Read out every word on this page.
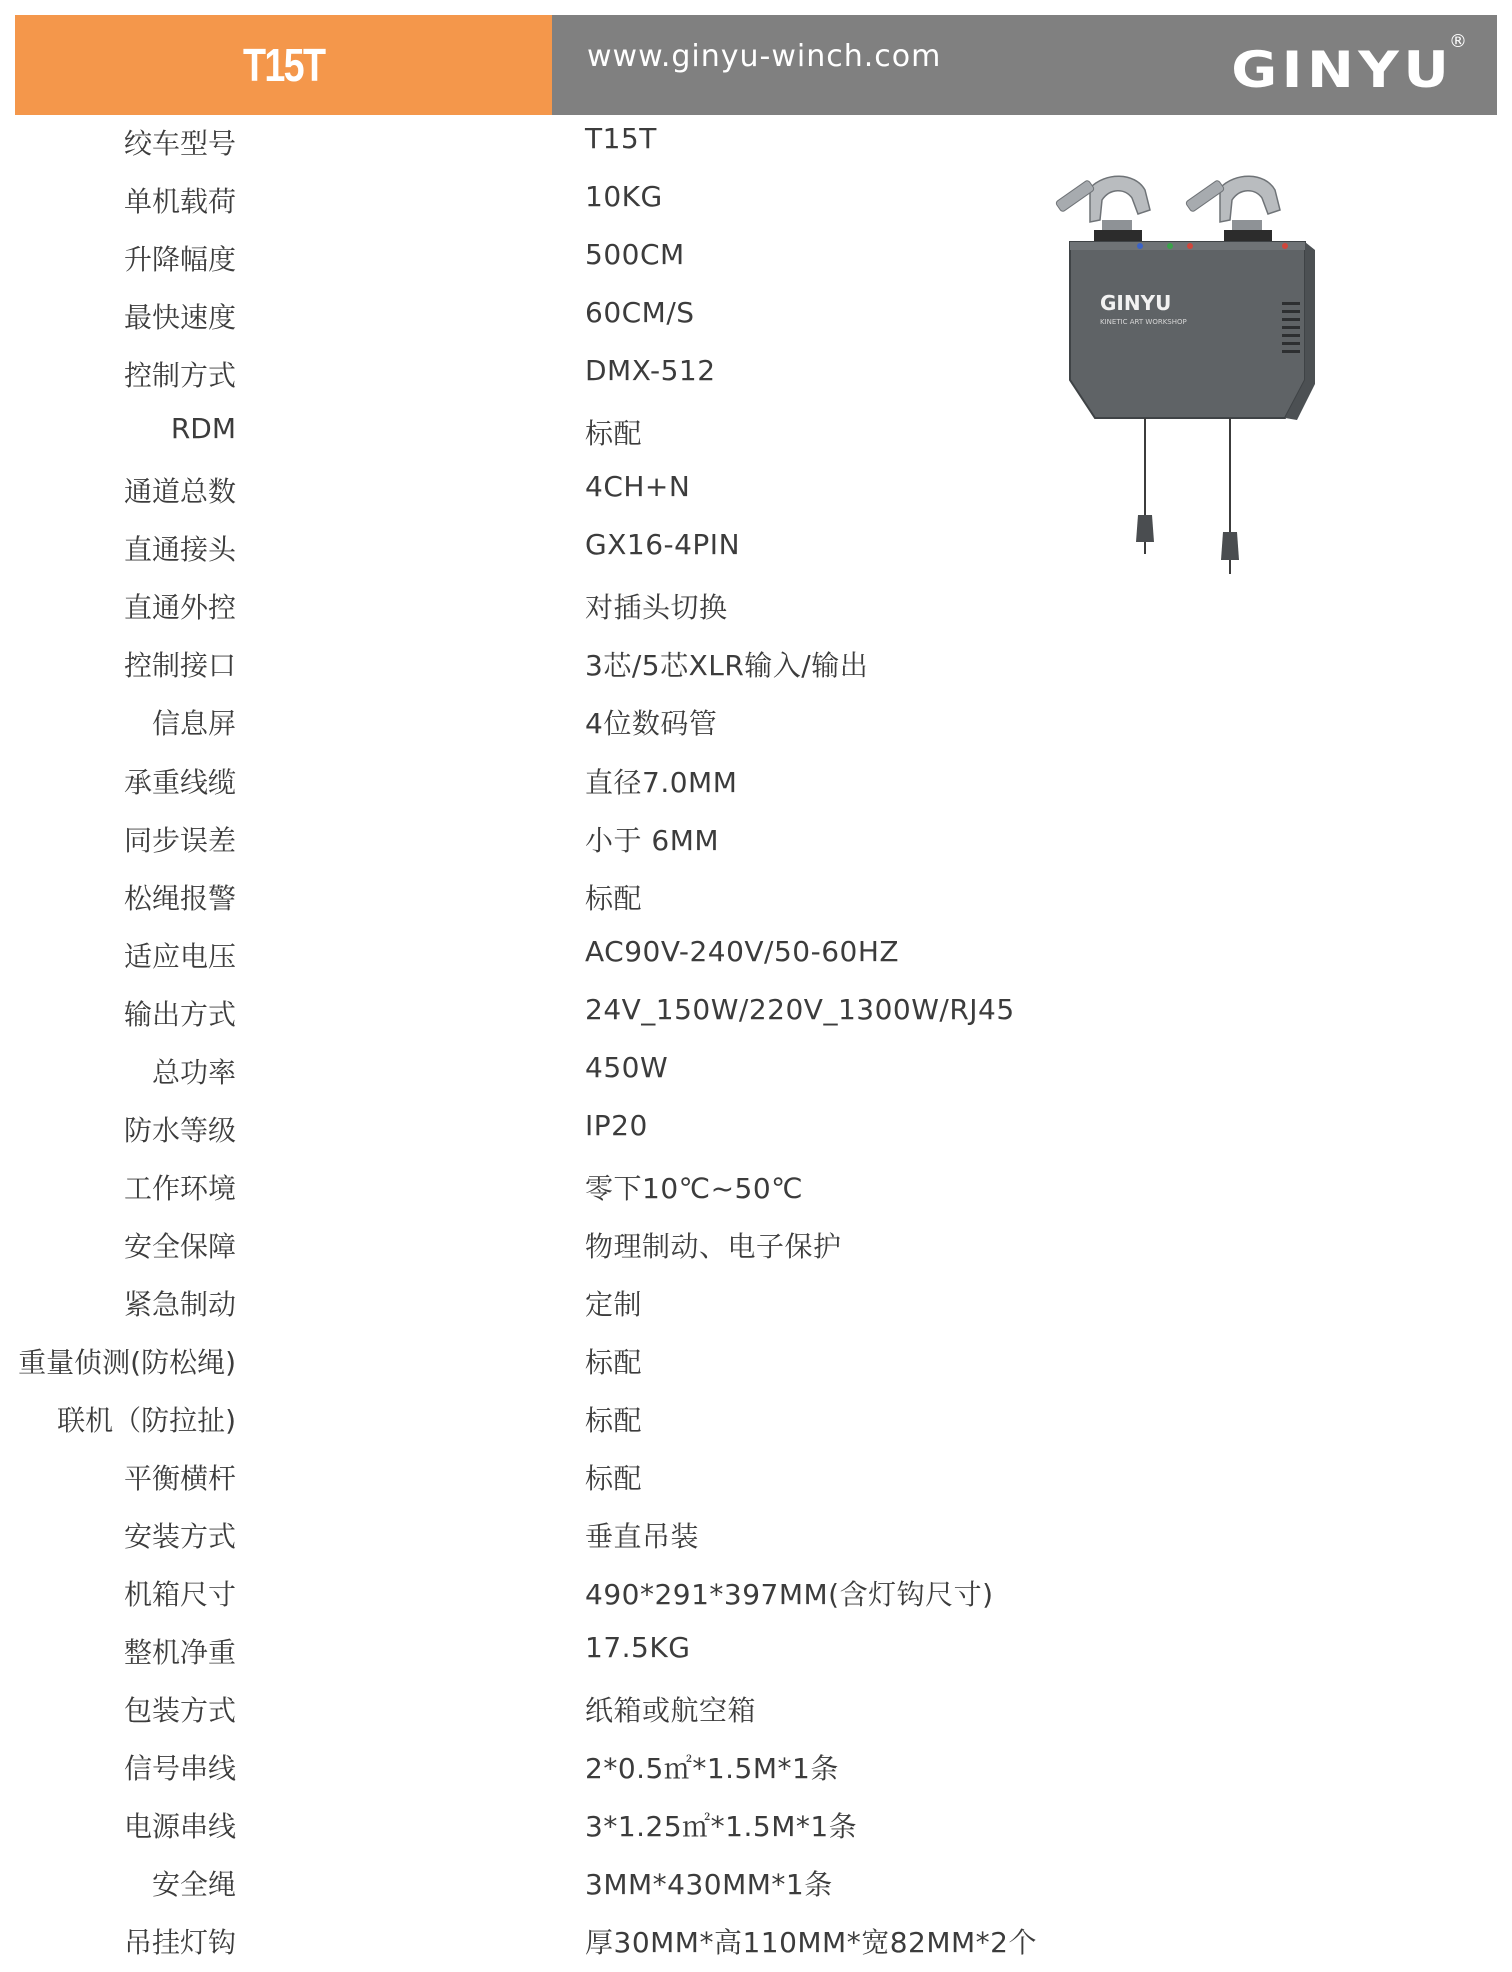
T15T	www.ginyu-winch.com	GINYU
®
GINYU
KINETIC ART WORKSHOP
绞车型号	T15T
单机载荷	10KG
升降幅度	500CM
最快速度	60CM/S
控制方式	DMX-512
RDM	标配
通道总数	4CH+N
直通接头	GX16-4PIN
直通外控	对插头切换
控制接口	3芯/5芯XLR输入/输出
信息屏	4位数码管
承重线缆	直径7.0MM
同步误差	小于 6MM
松绳报警	标配
适应电压	AC90V-240V/50-60HZ
输出方式	24V_150W/220V_1300W/RJ45
总功率	450W
防水等级	IP20
工作环境	零下10℃~50℃
安全保障	物理制动、电子保护
紧急制动	定制
重量侦测(防松绳)	标配
联机（防拉扯)	标配
平衡横杆	标配
安装方式	垂直吊装
机箱尺寸	490*291*397MM(含灯钩尺寸)
整机净重	17.5KG
包装方式	纸箱或航空箱
信号串线	2*0.5㎡*1.5M*1条
电源串线	3*1.25㎡*1.5M*1条
安全绳	3MM*430MM*1条
吊挂灯钩	厚30MM*高110MM*宽82MM*2个
